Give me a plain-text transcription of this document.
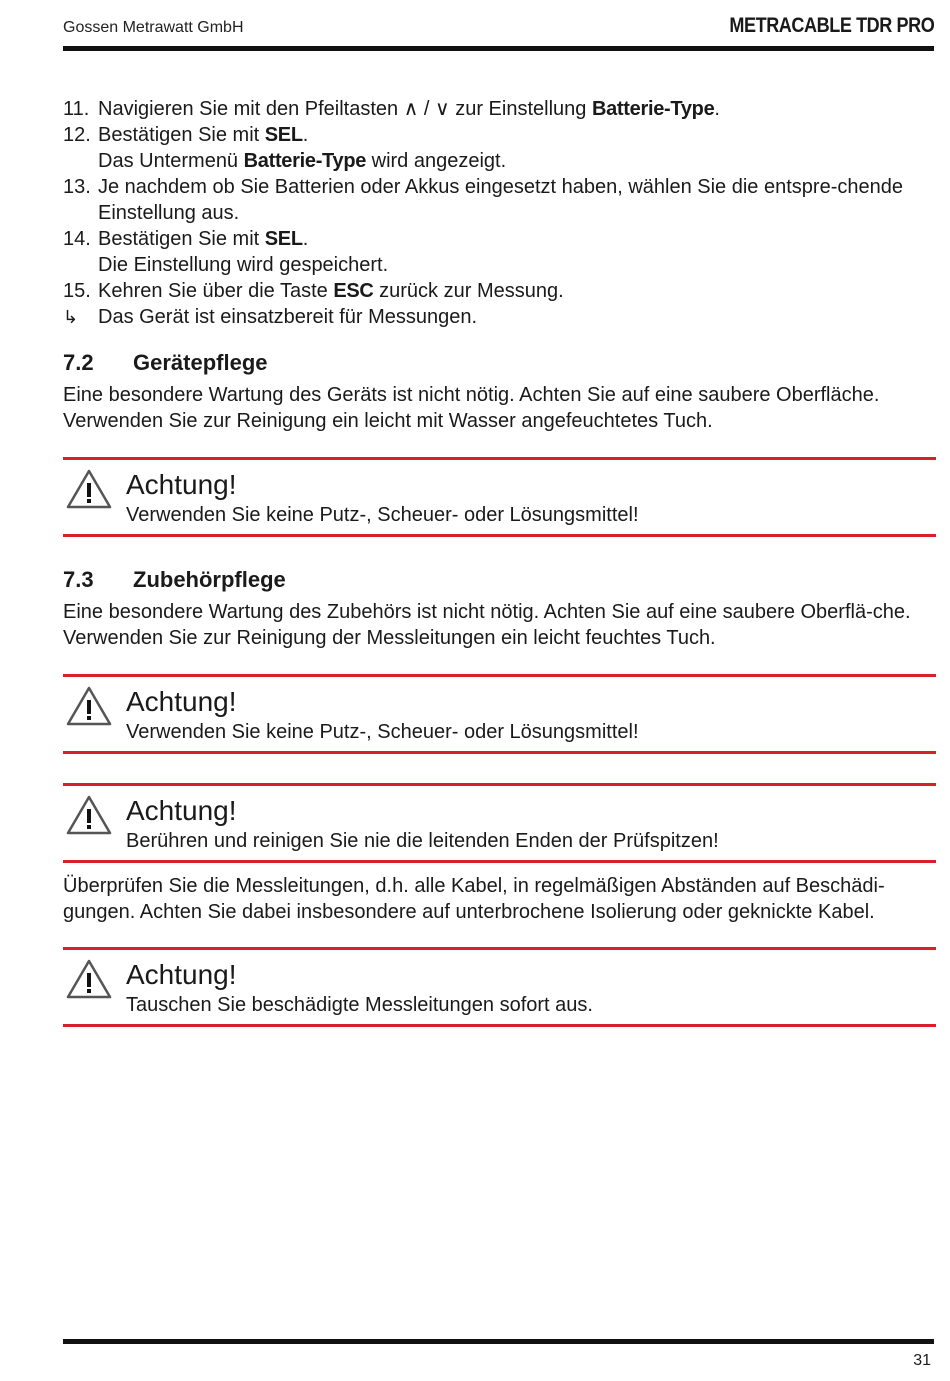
Gossen Metrawatt GmbH	METRACABLE TDR PRO
11. Navigieren Sie mit den Pfeiltasten ∧ / ∨ zur Einstellung Batterie-Type.
12. Bestätigen Sie mit SEL.
Das Untermenü Batterie-Type wird angezeigt.
13. Je nachdem ob Sie Batterien oder Akkus eingesetzt haben, wählen Sie die entspre-chende Einstellung aus.
14. Bestätigen Sie mit SEL.
Die Einstellung wird gespeichert.
15. Kehren Sie über die Taste ESC zurück zur Messung.
↳ Das Gerät ist einsatzbereit für Messungen.
7.2 Gerätepflege

Eine besondere Wartung des Geräts ist nicht nötig. Achten Sie auf eine saubere Oberfläche. Verwenden Sie zur Reinigung ein leicht mit Wasser angefeuchtetes Tuch.

Achtung!
Verwenden Sie keine Putz-, Scheuer- oder Lösungsmittel!
7.3 Zubehörpflege

Eine besondere Wartung des Zubehörs ist nicht nötig. Achten Sie auf eine saubere Oberflä-che. Verwenden Sie zur Reinigung der Messleitungen ein leicht feuchtes Tuch.

Achtung!
Verwenden Sie keine Putz-, Scheuer- oder Lösungsmittel!
Achtung!
Berühren und reinigen Sie nie die leitenden Enden der Prüfspitzen!

Überprüfen Sie die Messleitungen, d.h. alle Kabel, in regelmäßigen Abständen auf Beschädi-gungen. Achten Sie dabei insbesondere auf unterbrochene Isolierung oder geknickte Kabel.

Achtung!
Tauschen Sie beschädigte Messleitungen sofort aus.
31
